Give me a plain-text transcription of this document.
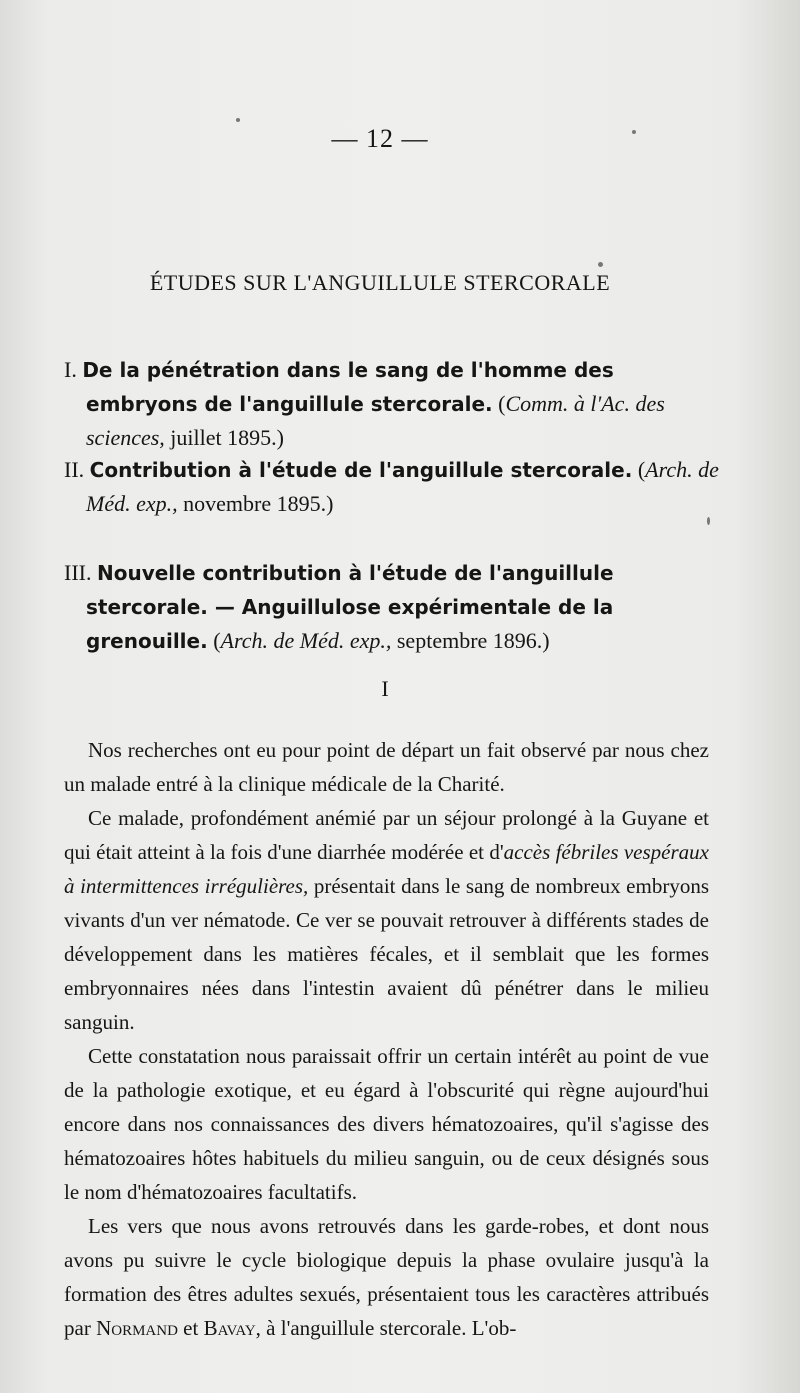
— 12 —
ÉTUDES SUR L'ANGUILLULE STERCORALE
I. De la pénétration dans le sang de l'homme des embryons de l'anguillule stercorale. (Comm. à l'Ac. des sciences, juillet 1895.)
II. Contribution à l'étude de l'anguillule stercorale. (Arch. de Méd. exp., novembre 1895.)
III. Nouvelle contribution à l'étude de l'anguillule stercorale. — Anguillulose expérimentale de la grenouille. (Arch. de Méd. exp., septembre 1896.)
I

Nos recherches ont eu pour point de départ un fait observé par nous chez un malade entré à la clinique médicale de la Charité.

Ce malade, profondément anémié par un séjour prolongé à la Guyane et qui était atteint à la fois d'une diarrhée modérée et d'accès fébriles vespéraux à intermittences irrégulières, présentait dans le sang de nombreux embryons vivants d'un ver nématode. Ce ver se pouvait retrouver à différents stades de développement dans les matières fécales, et il semblait que les formes embryonnaires nées dans l'intestin avaient dû pénétrer dans le milieu sanguin.

Cette constatation nous paraissait offrir un certain intérêt au point de vue de la pathologie exotique, et eu égard à l'obscurité qui règne aujourd'hui encore dans nos connaissances des divers hématozoaires, qu'il s'agisse des hématozoaires hôtes habituels du milieu sanguin, ou de ceux désignés sous le nom d'hématozoaires facultatifs.

Les vers que nous avons retrouvés dans les garde-robes, et dont nous avons pu suivre le cycle biologique depuis la phase ovulaire jusqu'à la formation des êtres adultes sexués, présentaient tous les caractères attribués par Normand et Bavay, à l'anguillule stercorale. L'ob-
